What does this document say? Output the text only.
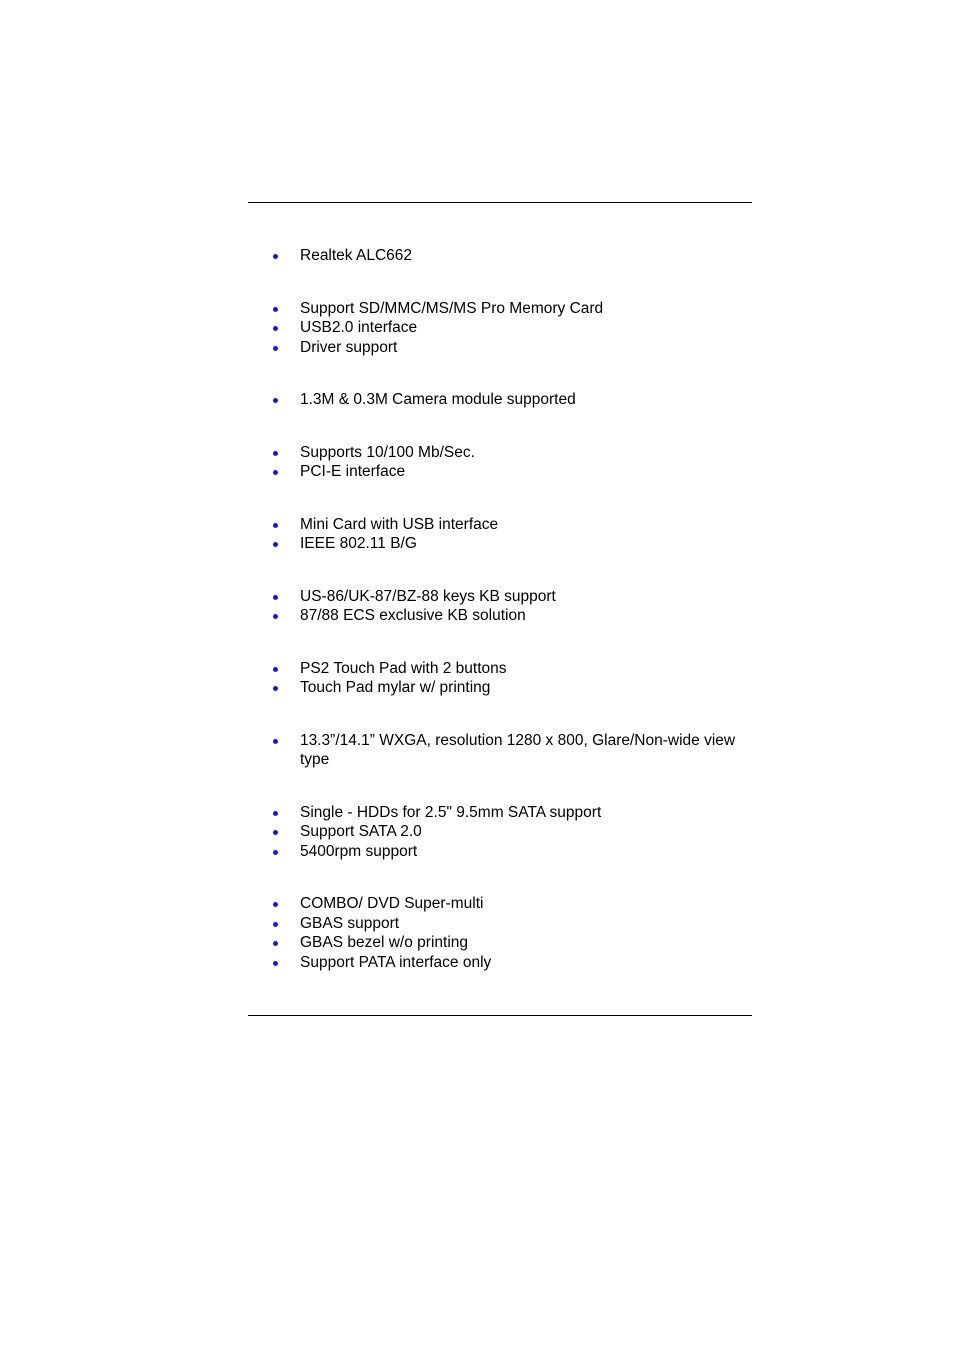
Realtek ALC662
Support SD/MMC/MS/MS Pro Memory Card
USB2.0 interface
Driver support
1.3M & 0.3M Camera module supported
Supports 10/100 Mb/Sec.
PCI-E interface
Mini Card with USB interface
IEEE 802.11 B/G
US-86/UK-87/BZ-88 keys KB support
87/88 ECS exclusive KB solution
PS2 Touch Pad with 2 buttons
Touch Pad mylar w/ printing
13.3”/14.1” WXGA, resolution 1280 x 800, Glare/Non-wide view type
Single - HDDs for 2.5" 9.5mm SATA support
Support SATA 2.0
5400rpm support
COMBO/ DVD Super-multi
GBAS support
GBAS bezel w/o printing
Support PATA interface only
